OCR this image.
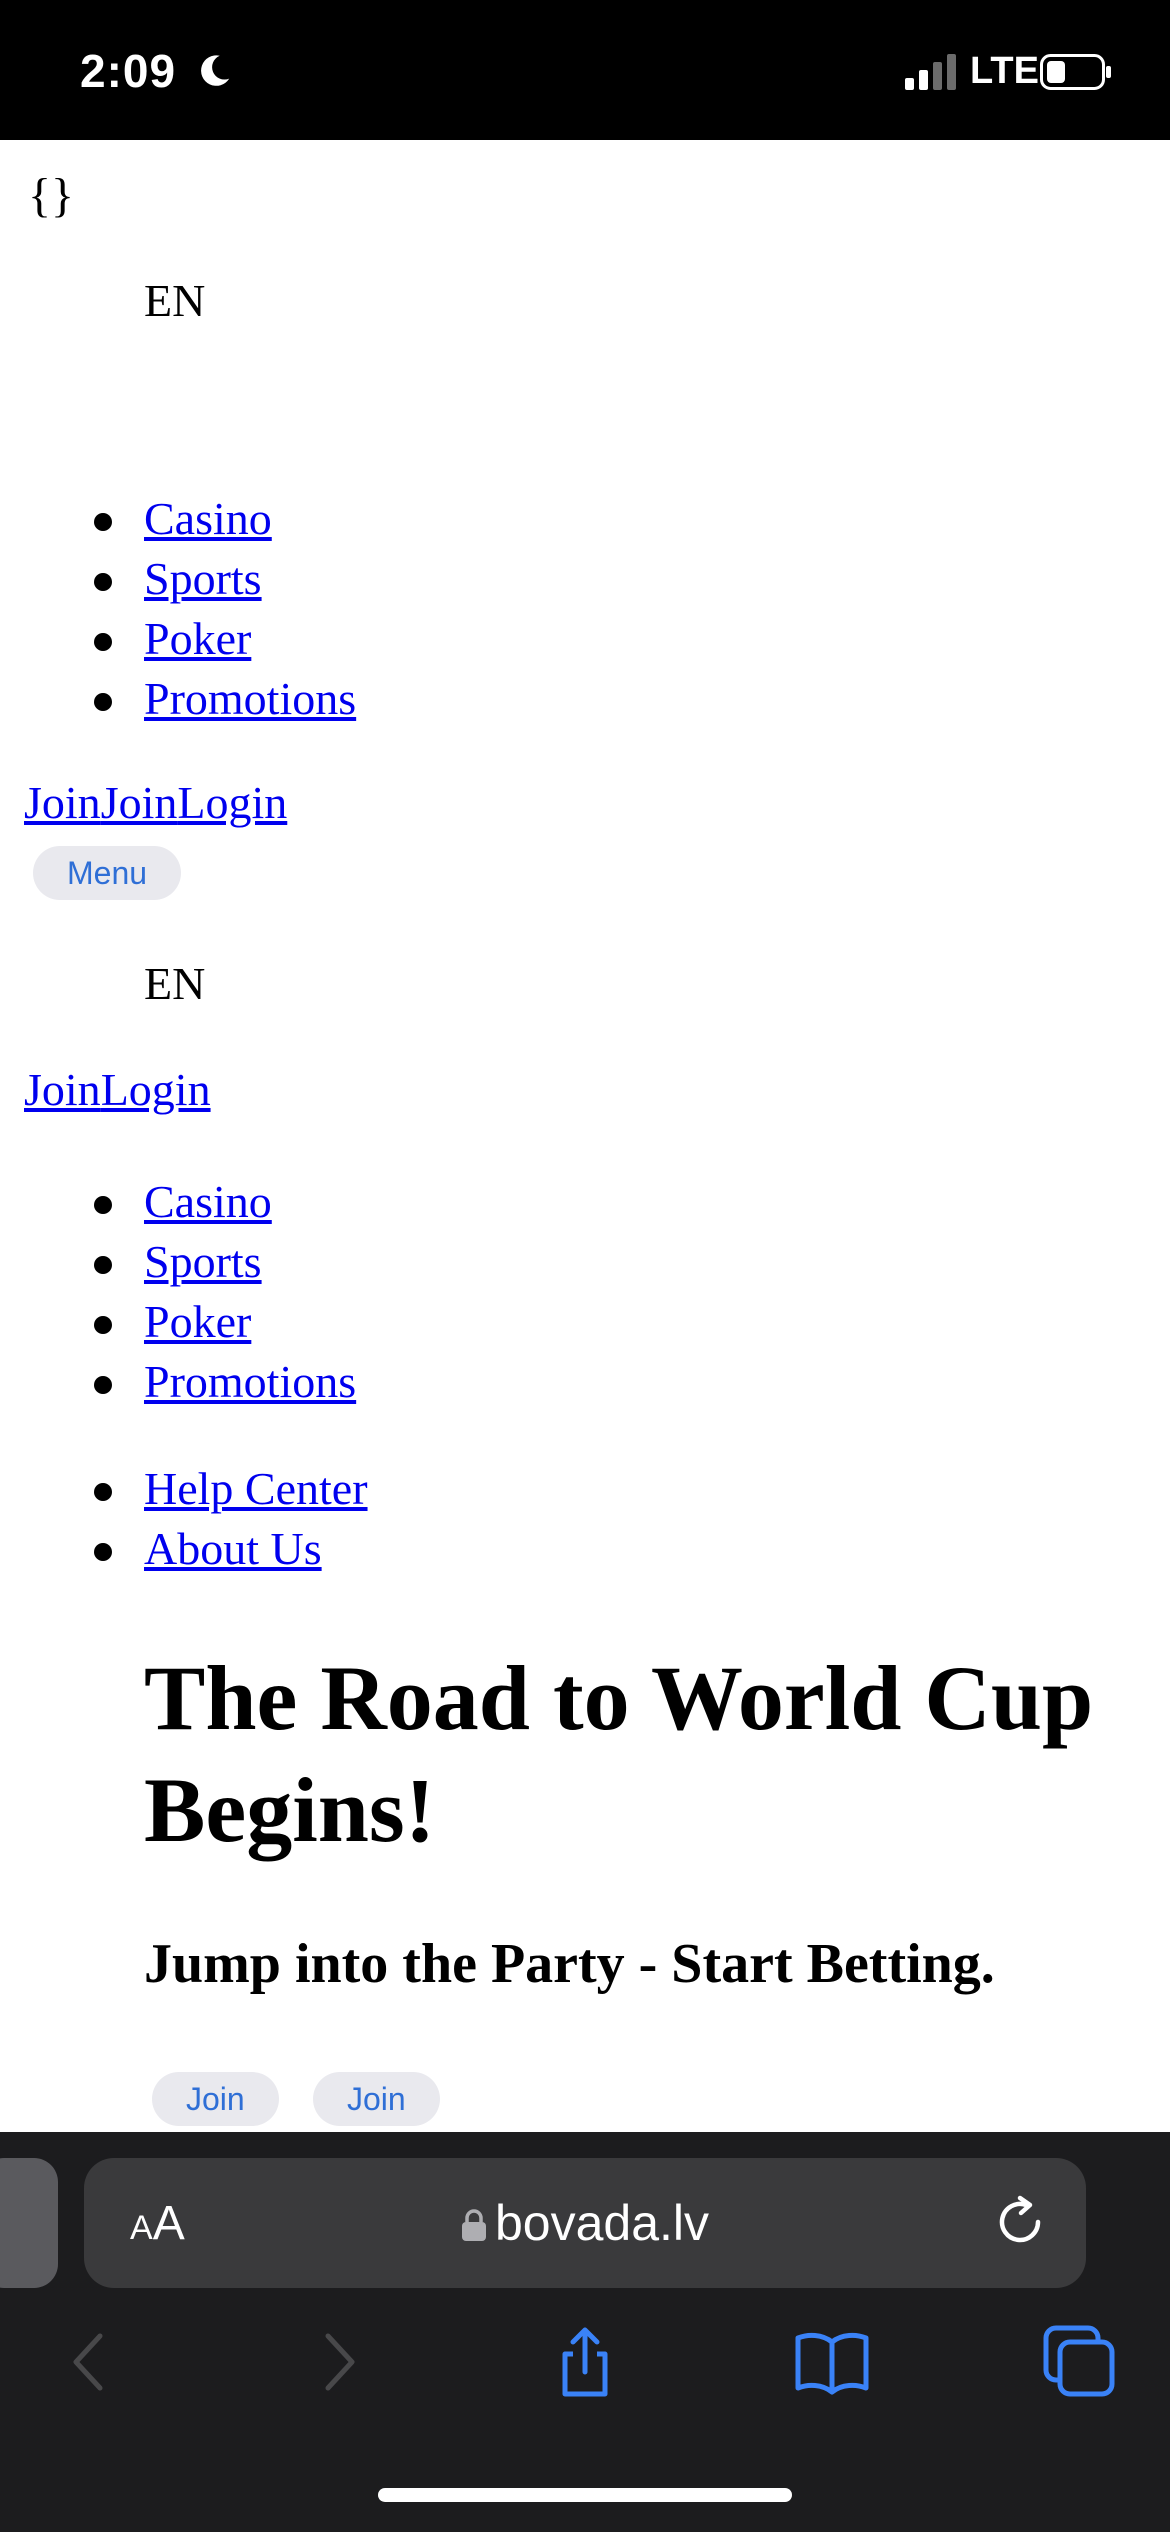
2:09	LTE
{}
EN
Casino
Sports
Poker
Promotions
JoinJoinLogin
Menu
EN
JoinLogin
Casino
Sports
Poker
Promotions
Help Center
About Us
The Road to World Cup Begins!
Jump into the Party - Start Betting.
Join	Join
AA	bovada.lv
